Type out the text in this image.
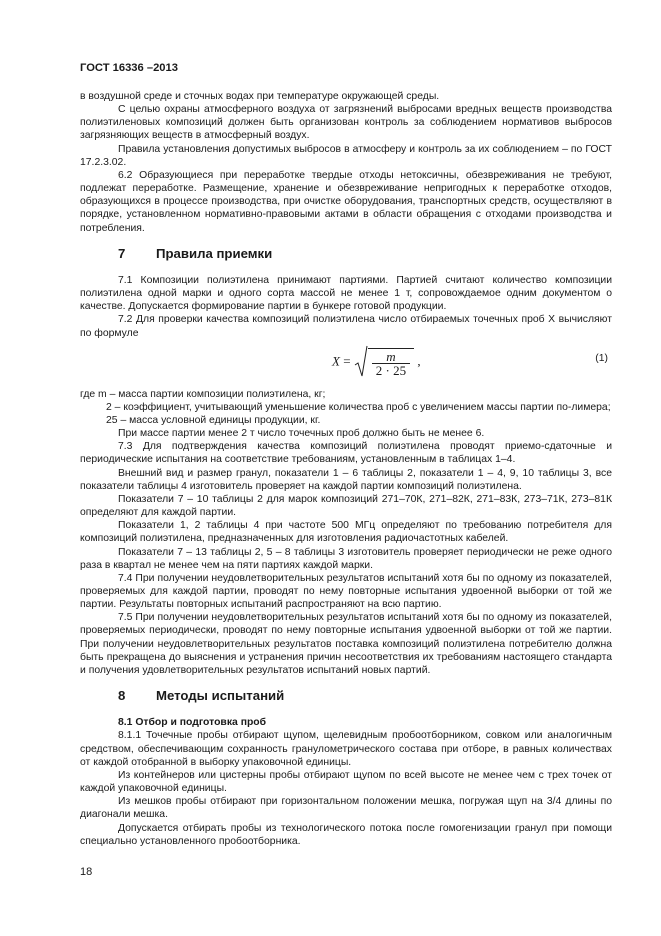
ГОСТ 16336 –2013

в воздушной среде и сточных водах при температуре окружающей среды.

С целью охраны атмосферного воздуха от загрязнений выбросами вредных веществ производства полиэтиленовых композиций должен быть организован контроль за соблюдением нормативов выбросов загрязняющих веществ в атмосферный воздух.

Правила установления допустимых выбросов в атмосферу и контроль за их соблюдением – по ГОСТ 17.2.3.02.

6.2 Образующиеся при переработке твердые отходы нетоксичны, обезвреживания не требуют, подлежат переработке. Размещение, хранение и обезвреживание непригодных к переработке отходов, образующихся в процессе производства, при очистке оборудования, транспортных средств, осуществляют в порядке, установленном нормативно-правовыми актами в области обращения с отходами производства и потребления.

7 Правила приемки

7.1 Композиции полиэтилена принимают партиями. Партией считают количество композиции полиэтилена одной марки и одного сорта массой не менее 1 т, сопровождаемое одним документом о качестве. Допускается формирование партии в бункере готовой продукции.

7.2 Для проверки качества композиций полиэтилена число отбираемых точечных проб X вычисляют по формуле

$X = \frac{m}{2 \cdot 25}$ ,	(1)

где m – масса партии композиции полиэтилена, кг;

2 – коэффициент, учитывающий уменьшение количества проб с увеличением массы партии по-лимера;

25 – масса условной единицы продукции, кг.

При массе партии менее 2 т число точечных проб должно быть не менее 6.

7.3 Для подтверждения качества композиций полиэтилена проводят приемо-сдаточные и периодические испытания на соответствие требованиям, установленным в таблицах 1–4.

Внешний вид и размер гранул, показатели 1 – 6 таблицы 2, показатели 1 – 4, 9, 10 таблицы 3, все показатели таблицы 4 изготовитель проверяет на каждой партии композиций полиэтилена.

Показатели 7 – 10 таблицы 2 для марок композиций 271–70К, 271–82К, 271–83К, 273–71К, 273–81К определяют для каждой партии.

Показатели 1, 2 таблицы 4 при частоте 500 МГц определяют по требованию потребителя для композиций полиэтилена, предназначенных для изготовления радиочастотных кабелей.

Показатели 7 – 13 таблицы 2, 5 – 8 таблицы 3 изготовитель проверяет периодически не реже одного раза в квартал не менее чем на пяти партиях каждой марки.

7.4 При получении неудовлетворительных результатов испытаний хотя бы по одному из показателей, проверяемых для каждой партии, проводят по нему повторные испытания удвоенной выборки от той же партии. Результаты повторных испытаний распространяют на всю партию.

7.5 При получении неудовлетворительных результатов испытаний хотя бы по одному из показателей, проверяемых периодически, проводят по нему повторные испытания удвоенной выборки от той же партии. При получении неудовлетворительных результатов поставка композиций полиэтилена потребителю должна быть прекращена до выяснения и устранения причин несоответствия их требованиям настоящего стандарта и получения удовлетворительных результатов испытаний новых партий.

8 Методы испытаний

8.1 Отбор и подготовка проб

8.1.1 Точечные пробы отбирают щупом, щелевидным пробоотборником, совком или аналогичным средством, обеспечивающим сохранность гранулометрического состава при отборе, в равных количествах от каждой отобранной в выборку упаковочной единицы.

Из контейнеров или цистерны пробы отбирают щупом по всей высоте не менее чем с трех точек от каждой упаковочной единицы.

Из мешков пробы отбирают при горизонтальном положении мешка, погружая щуп на 3/4 длины по диагонали мешка.

Допускается отбирать пробы из технологического потока после гомогенизации гранул при помощи специально установленного пробоотборника.

18
